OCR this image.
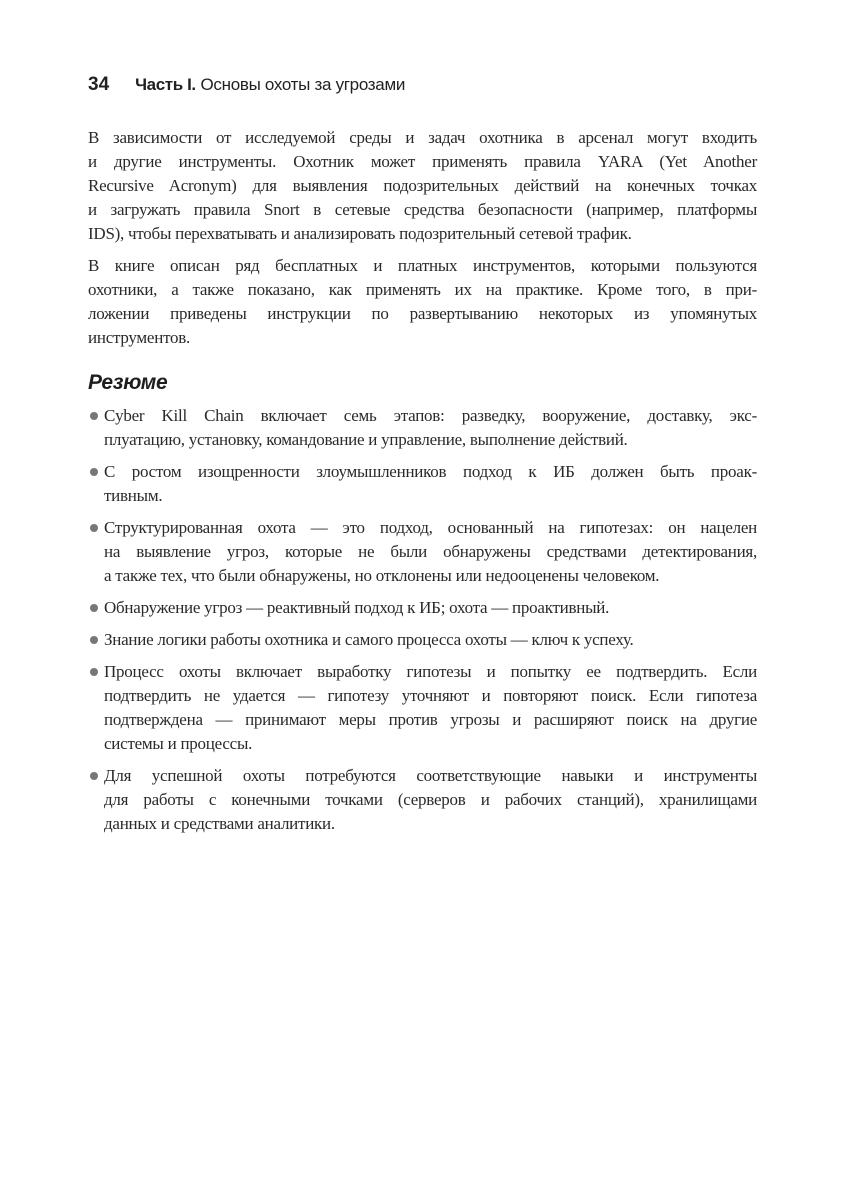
34 Часть I. Основы охоты за угрозами

В зависимости от исследуемой среды и задач охотника в арсенал могут входить
и другие инструменты. Охотник может применять правила YARA (Yet Another
Recursive Acronym) для выявления подозрительных действий на конечных точках
и загружать правила Snort в сетевые средства безопасности (например, платформы
IDS), чтобы перехватывать и анализировать подозрительный сетевой трафик.

В книге описан ряд бесплатных и платных инструментов, которыми пользуются
охотники, а также показано, как применять их на практике. Кроме того, в при-
ложении приведены инструкции по развертыванию некоторых из упомянутых
инструментов.

Резюме
Cyber Kill Chain включает семь этапов: разведку, вооружение, доставку, экс-
плуатацию, установку, командование и управление, выполнение действий.
С ростом изощренности злоумышленников подход к ИБ должен быть проак-
тивным.
Структурированная охота — это подход, основанный на гипотезах: он нацелен
на выявление угроз, которые не были обнаружены средствами детектирования,
а также тех, что были обнаружены, но отклонены или недооценены человеком.
Обнаружение угроз — реактивный подход к ИБ; охота — проактивный.
Знание логики работы охотника и самого процесса охоты — ключ к успеху.
Процесс охоты включает выработку гипотезы и попытку ее подтвердить. Если
подтвердить не удается — гипотезу уточняют и повторяют поиск. Если гипотеза
подтверждена — принимают меры против угрозы и расширяют поиск на другие
системы и процессы.
Для успешной охоты потребуются соответствующие навыки и инструменты
для работы с конечными точками (серверов и рабочих станций), хранилищами
данных и средствами аналитики.
